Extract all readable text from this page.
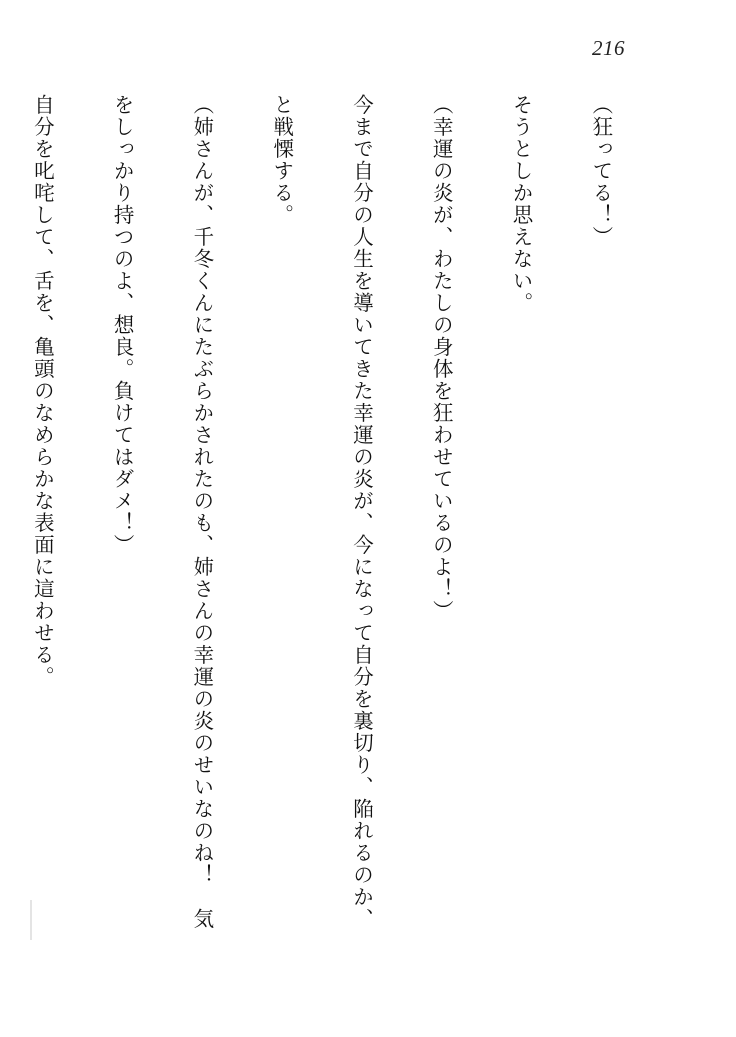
216

（狂ってる！）

そうとしか思えない。

（幸運の炎が、わたしの身体を狂わせているのよ！）

今まで自分の人生を導いてきた幸運の炎が、今になって自分を裏切り、陥れるのか、

と戦慄する。

（姉さんが、千冬くんにたぶらかされたのも、姉さんの幸運の炎のせいなのね！　気

をしっかり持つのよ、想良。負けてはダメ！）

自分を叱咤して、舌を、亀頭のなめらかな表面に這わせる。
